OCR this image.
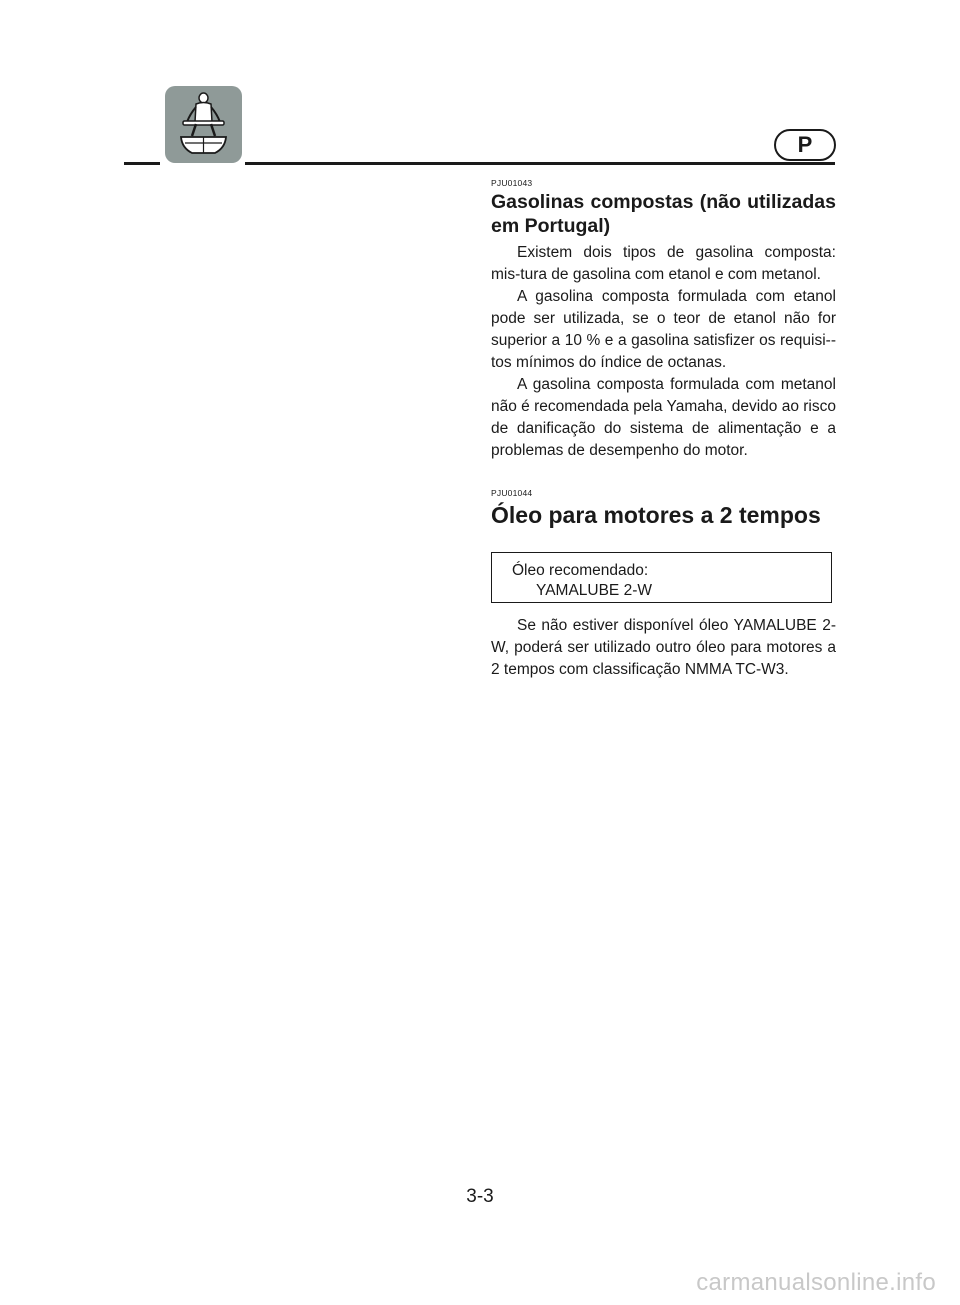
P
PJU01043
Gasolinas compostas (não utilizadas em Portugal)

Existem dois tipos de gasolina composta: mis-tura de gasolina com etanol e com metanol.

A gasolina composta formulada com etanol pode ser utilizada, se o teor de etanol não for superior a 10 % e a gasolina satisfizer os requisi-tos mínimos do índice de octanas.

A gasolina composta formulada com metanol não é recomendada pela Yamaha, devido ao risco de danificação do sistema de alimentação e a problemas de desempenho do motor.

PJU01044
Óleo para motores a 2 tempos
Óleo recomendado:
YAMALUBE 2-W

Se não estiver disponível óleo YAMALUBE 2-W, poderá ser utilizado outro óleo para motores a 2 tempos com classificação NMMA TC-W3.

3-3
carmanualsonline.info
